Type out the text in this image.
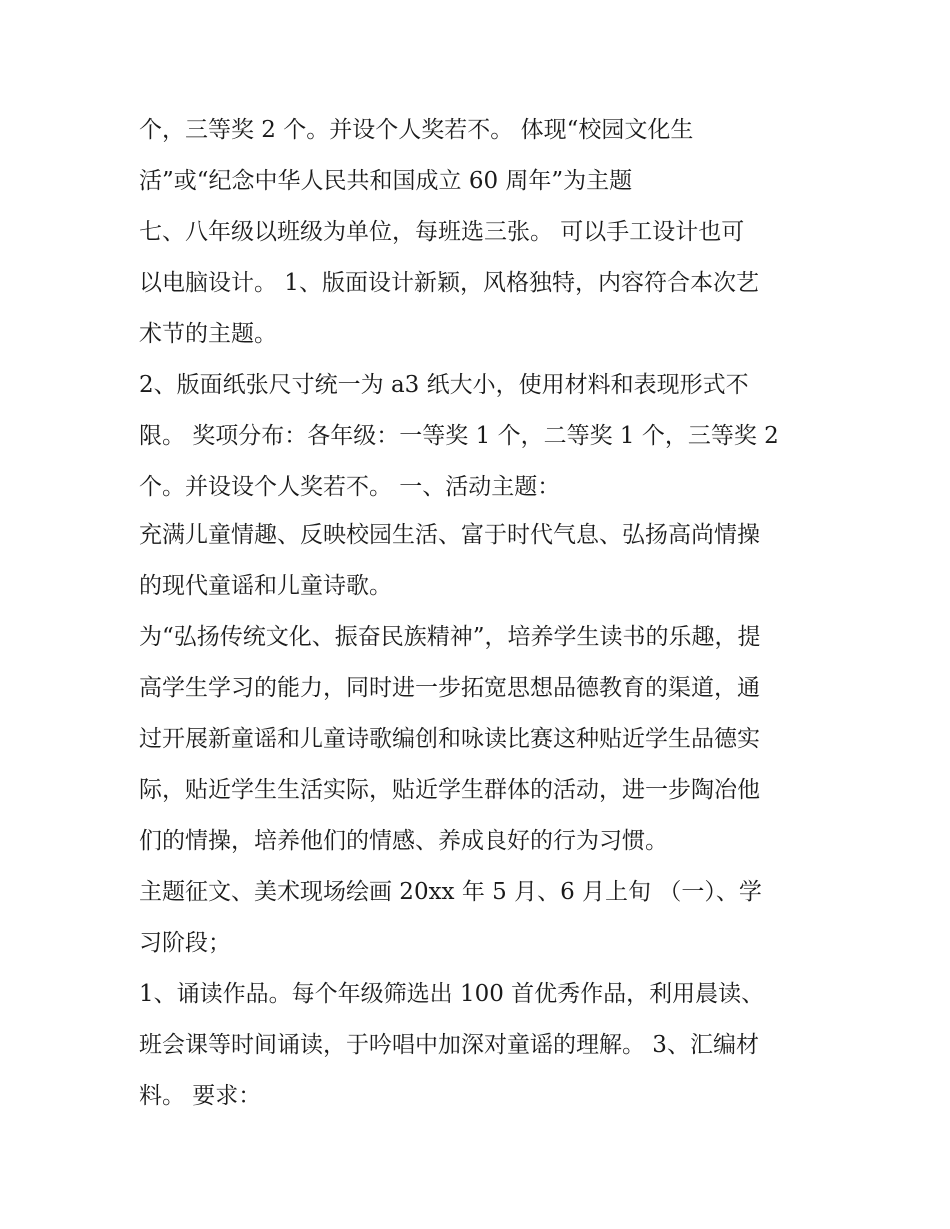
个，三等奖 2 个。并设个人奖若不。 体现“校园文化生
活”或“纪念中华人民共和国成立 60 周年”为主题
七、八年级以班级为单位，每班选三张。 可以手工设计也可
以电脑设计。 1、版面设计新颖，风格独特，内容符合本次艺
术节的主题。
2、版面纸张尺寸统一为 a3 纸大小，使用材料和表现形式不
限。 奖项分布：各年级：一等奖 1 个，二等奖 1 个，三等奖 2
个。并设设个人奖若不。 一、活动主题：
充满儿童情趣、反映校园生活、富于时代气息、弘扬高尚情操
的现代童谣和儿童诗歌。
为“弘扬传统文化、振奋民族精神”，培养学生读书的乐趣，提
高学生学习的能力，同时进一步拓宽思想品德教育的渠道，通
过开展新童谣和儿童诗歌编创和咏读比赛这种贴近学生品德实
际，贴近学生生活实际，贴近学生群体的活动，进一步陶冶他
们的情操，培养他们的情感、养成良好的行为习惯。
主题征文、美术现场绘画 20xx 年 5 月、6 月上旬 （一）、学
习阶段；
1、诵读作品。每个年级筛选出 100 首优秀作品，利用晨读、
班会课等时间诵读，于吟唱中加深对童谣的理解。 3、汇编材
料。 要求：
